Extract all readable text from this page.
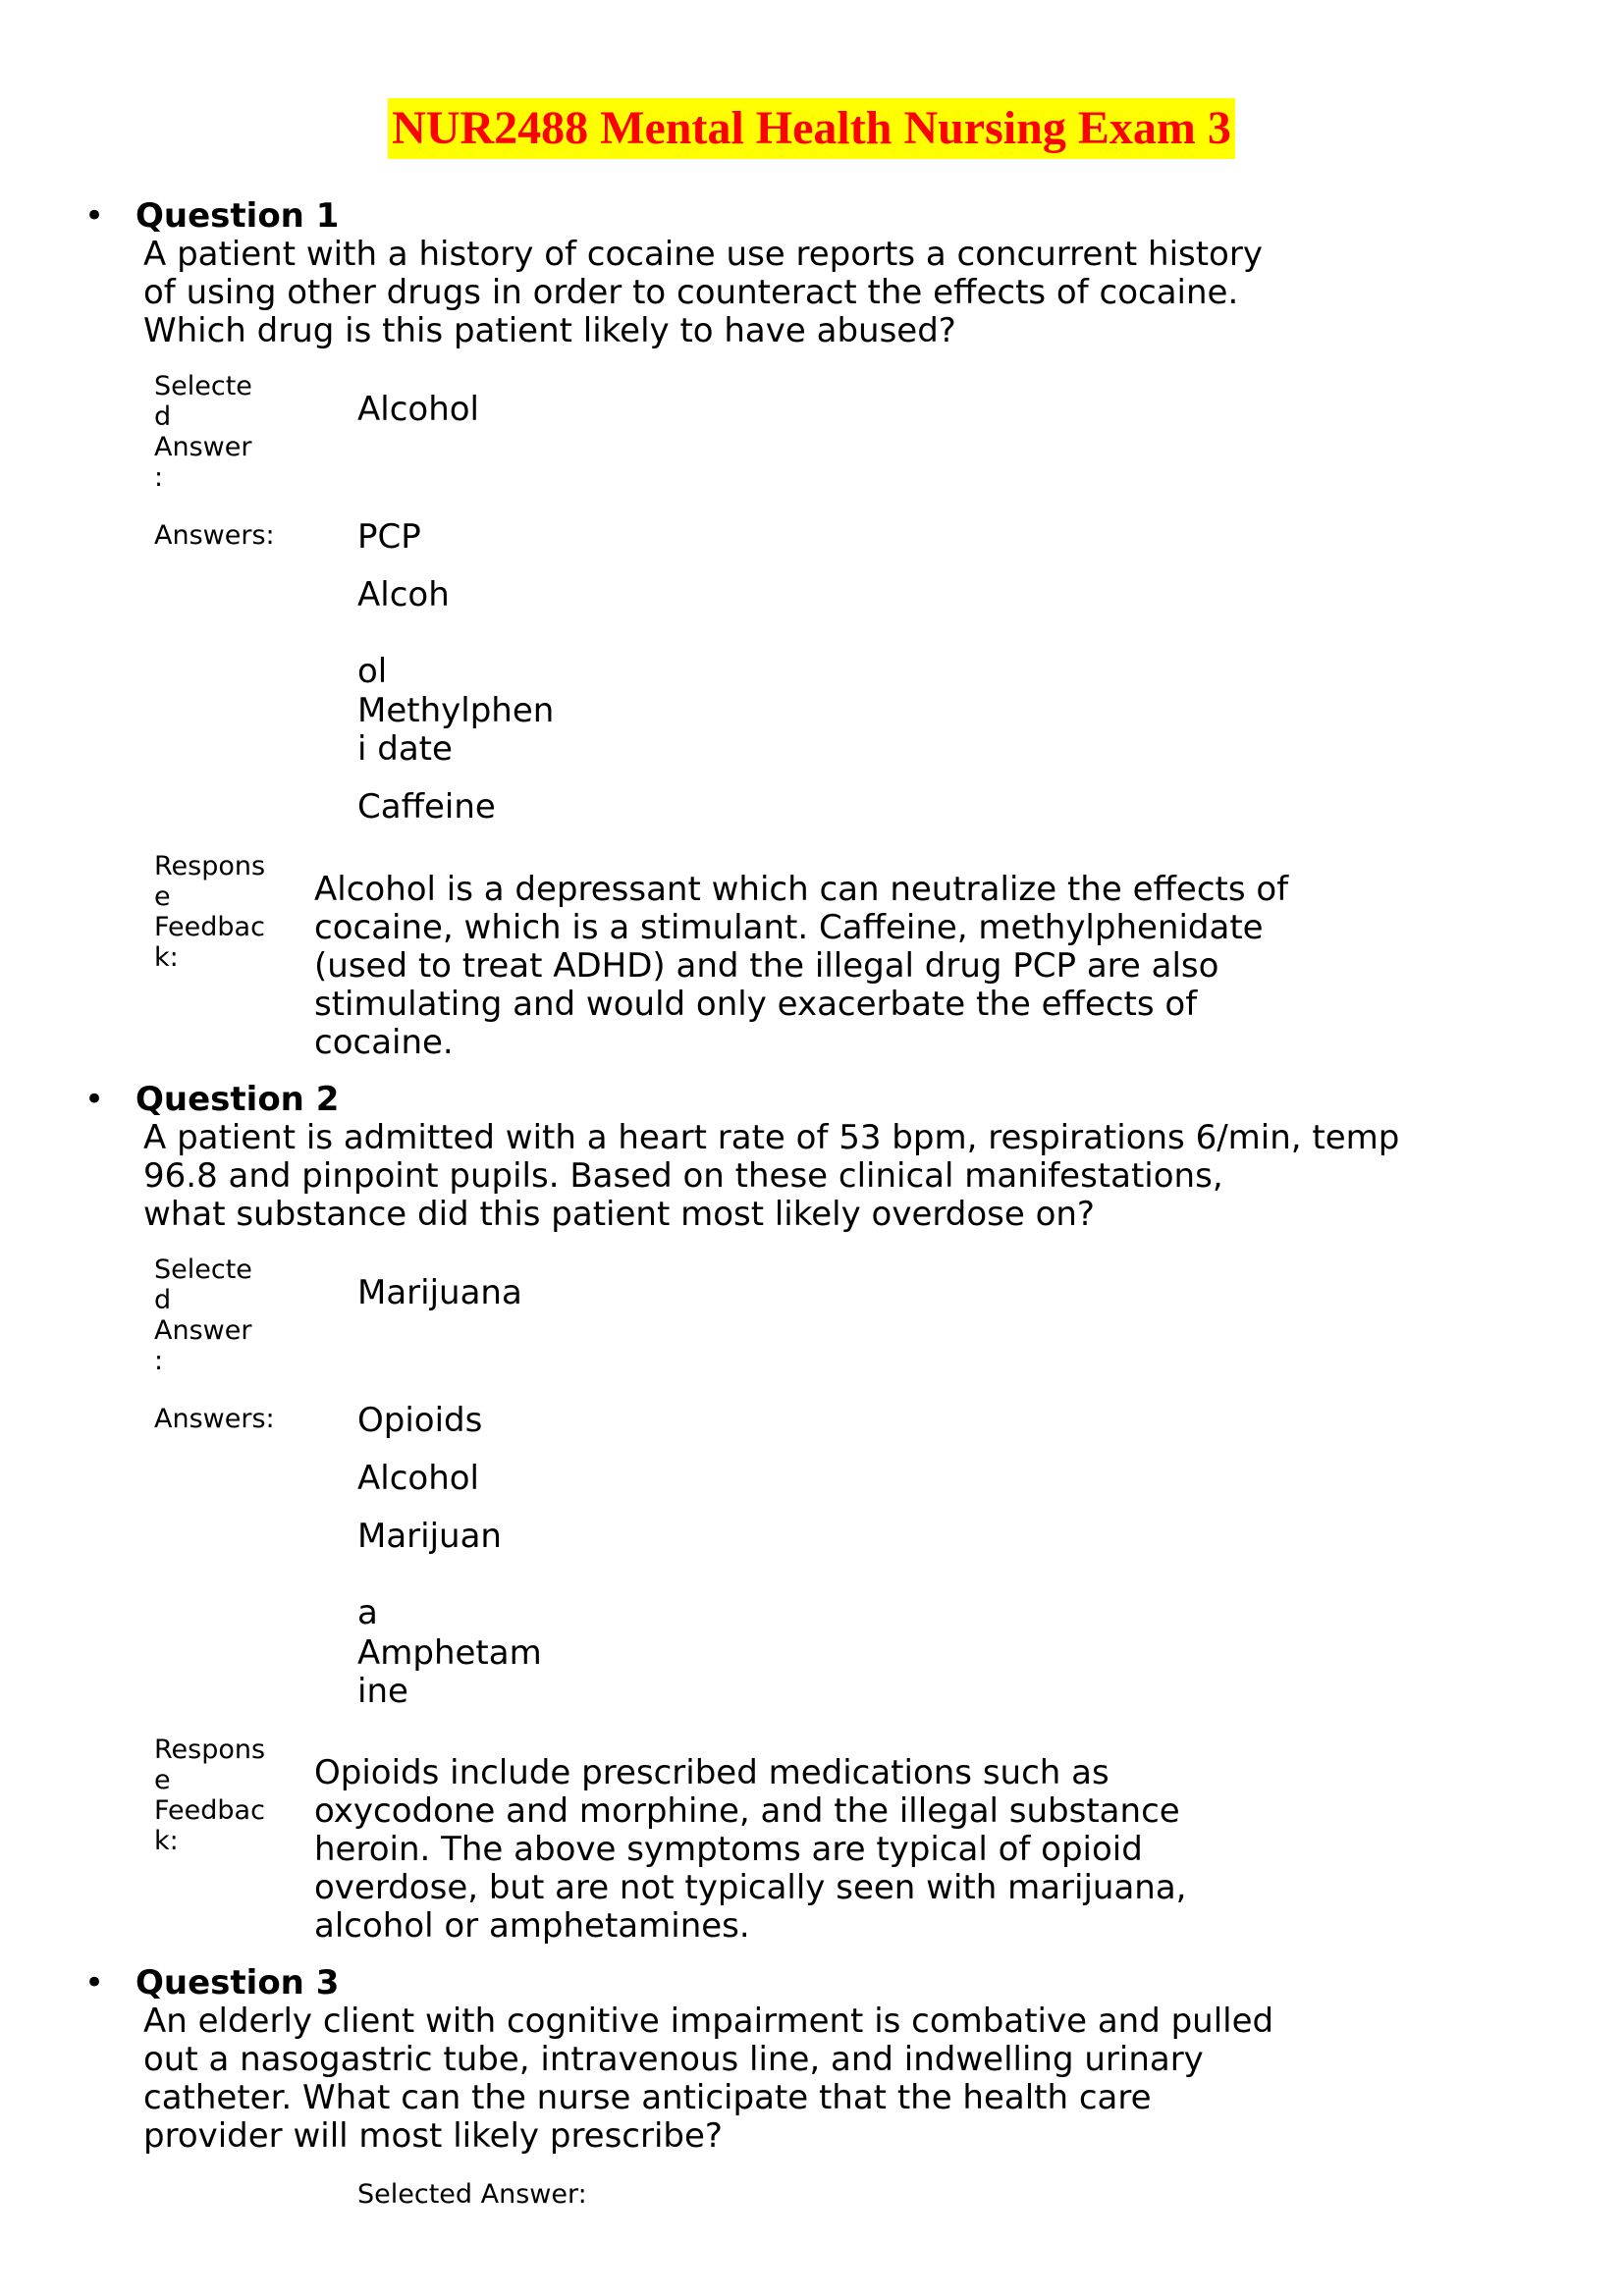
NUR2488 Mental Health Nursing Exam 3
• Question 1
A patient with a history of cocaine use reports a concurrent history
of using other drugs in order to counteract the effects of cocaine.
Which drug is this patient likely to have abused?
Selecte
d
Answer
:
Alcohol
Answers:	PCP
Alcoh

ol
Methylphen
i date
Caffeine
Respons
e
Feedbac
k:
Alcohol is a depressant which can neutralize the effects of
cocaine, which is a stimulant. Caffeine, methylphenidate
(used to treat ADHD) and the illegal drug PCP are also
stimulating and would only exacerbate the effects of
cocaine.
• Question 2
A patient is admitted with a heart rate of 53 bpm, respirations 6/min, temp
96.8 and pinpoint pupils. Based on these clinical manifestations,
what substance did this patient most likely overdose on?
Selecte
d
Answer
:
Marijuana
Answers:	Opioids
Alcohol
Marijuan

a
Amphetam
ine
Respons
e
Feedbac
k:
Opioids include prescribed medications such as
oxycodone and morphine, and the illegal substance
heroin. The above symptoms are typical of opioid
overdose, but are not typically seen with marijuana,
alcohol or amphetamines.
• Question 3
An elderly client with cognitive impairment is combative and pulled
out a nasogastric tube, intravenous line, and indwelling urinary
catheter. What can the nurse anticipate that the health care
provider will most likely prescribe?
Selected Answer:
